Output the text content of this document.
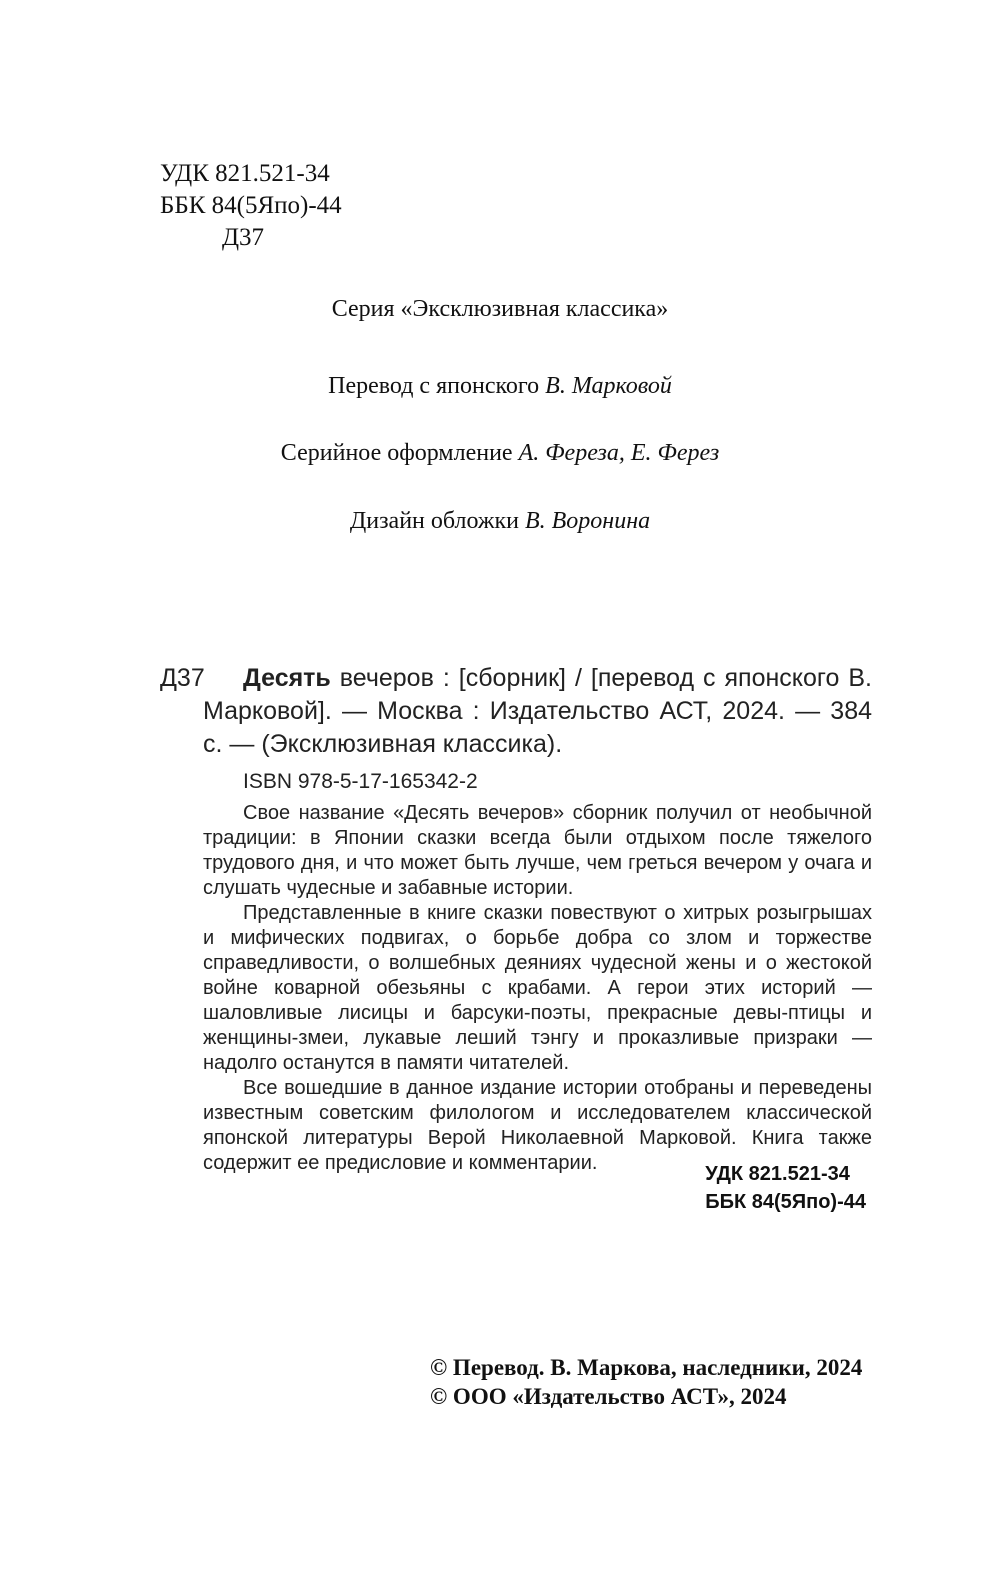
УДК 821.521-34
ББК 84(5Япо)-44
Д37
Серия «Эксклюзивная классика»
Перевод с японского В. Марковой
Серийное оформление А. Фереза, Е. Ферез
Дизайн обложки В. Воронина
Д37	Десять вечеров : [сборник] / [перевод с японского В. Марковой]. — Москва : Издательство АСТ, 2024. — 384 с. — (Эксклюзивная классика).
ISBN 978-5-17-165342-2
Свое название «Десять вечеров» сборник получил от необычной традиции: в Японии сказки всегда были отдыхом после тяжелого трудового дня, и что может быть лучше, чем греться вечером у очага и слушать чудесные и забавные истории.
Представленные в книге сказки повествуют о хитрых розыгрышах и мифических подвигах, о борьбе добра со злом и торжестве справедливости, о волшебных деяниях чудесной жены и о жестокой войне коварной обезьяны с крабами. А герои этих историй — шаловливые лисицы и барсуки-поэты, прекрасные девы-птицы и женщины-змеи, лукавые леший тэнгу и проказливые призраки — надолго останутся в памяти читателей.
Все вошедшие в данное издание истории отобраны и переведены известным советским филологом и исследователем классической японской литературы Верой Николаевной Марковой. Книга также содержит ее предисловие и комментарии.	УДК 821.521-34
ББК 84(5Япо)-44
© Перевод. В. Маркова, наследники, 2024
© ООО «Издательство АСТ», 2024
